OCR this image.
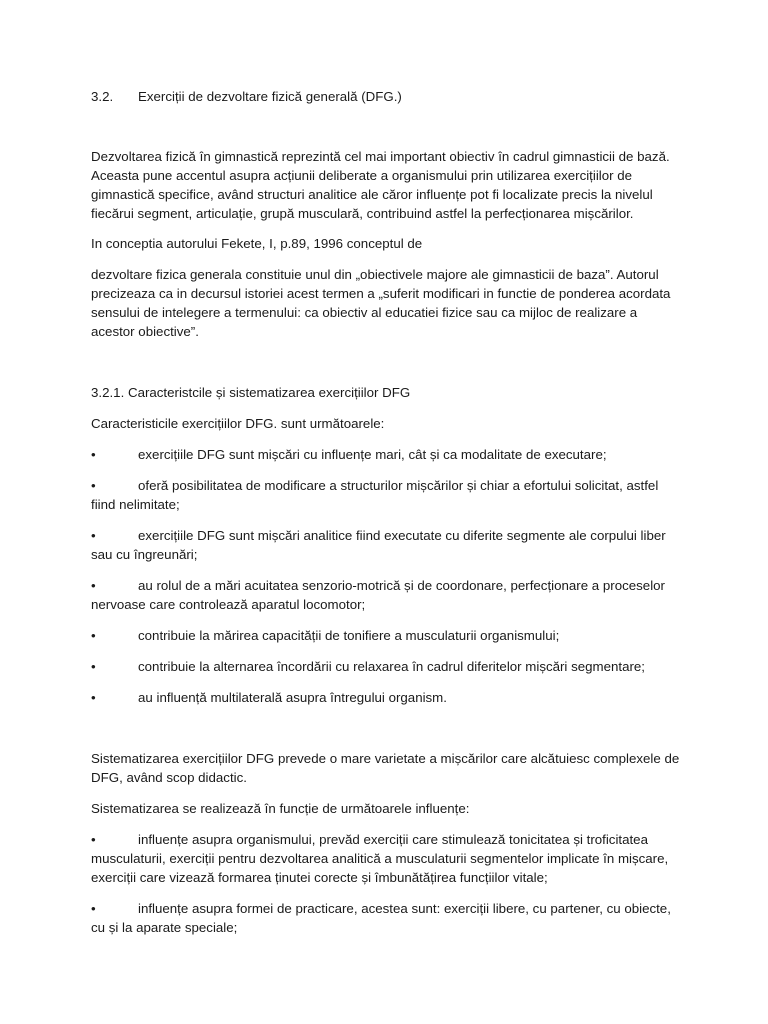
3.2. Exerciții de dezvoltare fizică generală (DFG.)

Dezvoltarea fizică în gimnastică reprezintă cel mai important obiectiv în cadrul gimnasticii de bază. Aceasta pune accentul asupra acțiunii deliberate a organismului prin utilizarea exercițiilor de gimnastică specifice, având structuri analitice ale căror influențe pot fi localizate precis la nivelul fiecărui segment, articulație, grupă musculară, contribuind astfel la perfecționarea mișcărilor.

In conceptia autorului Fekete, I, p.89, 1996 conceptul de

dezvoltare fizica generala constituie unul din „obiectivele majore ale gimnasticii de baza”. Autorul precizeaza ca in decursul istoriei acest termen a „suferit modificari in functie de ponderea acordata sensului de intelegere a termenului: ca obiectiv al educatiei fizice sau ca mijloc de realizare a acestor obiective”.

3.2.1. Caracteristcile și sistematizarea exercițiilor DFG

Caracteristicile exercițiilor DFG. sunt următoarele:

•	exercițiile DFG sunt mișcări cu influențe mari, cât și ca modalitate de executare;

•	oferă posibilitatea de modificare a structurilor mișcărilor și chiar a efortului solicitat, astfel fiind nelimitate;

•	exercițiile DFG sunt mișcări analitice fiind executate cu diferite segmente ale corpului liber sau cu îngreunări;

•	au rolul de a mări acuitatea senzorio-motrică și de coordonare, perfecționare a proceselor nervoase care controlează aparatul locomotor;

•	contribuie la mărirea capacității de tonifiere a musculaturii organismului;

•	contribuie la alternarea încordării cu relaxarea în cadrul diferitelor mișcări segmentare;

•	au influență multilaterală asupra întregului organism.

Sistematizarea exercițiilor DFG prevede o mare varietate a mișcărilor care alcătuiesc complexele de DFG, având scop didactic.

Sistematizarea se realizează în funcție de următoarele influențe:

•	influențe asupra organismului, prevăd exerciții care stimulează tonicitatea și troficitatea musculaturii, exerciții pentru dezvoltarea analitică a musculaturii segmentelor implicate în mișcare, exerciții care vizează formarea ținutei corecte și îmbunătățirea funcțiilor vitale;

•	influențe asupra formei de practicare, acestea sunt: exerciții libere, cu partener, cu obiecte, cu și la aparate speciale;
